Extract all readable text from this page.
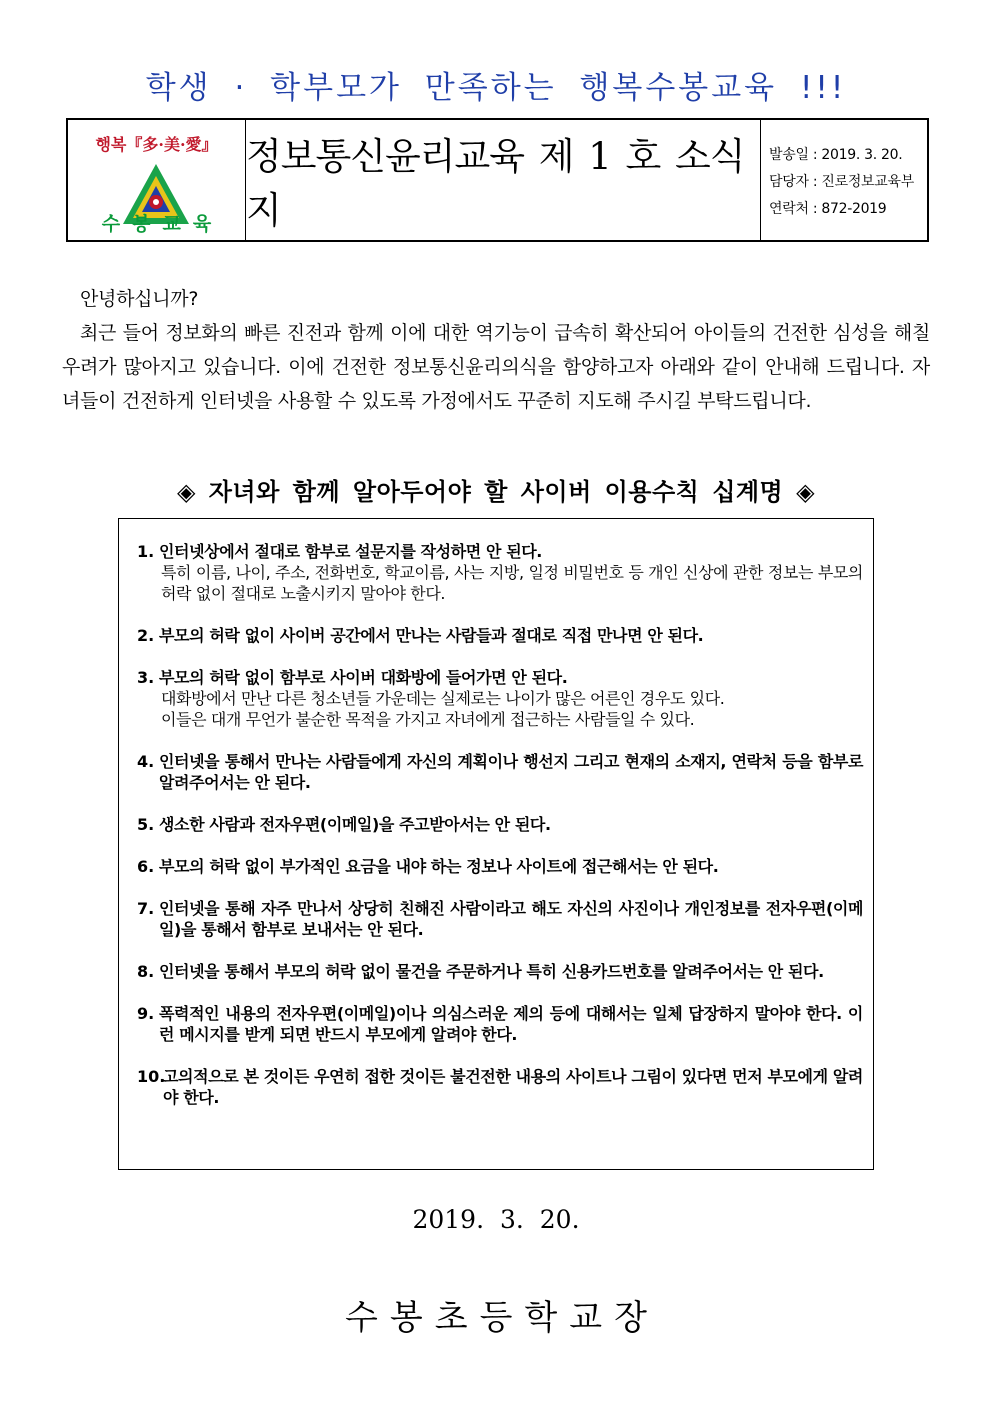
학생 · 학부모가 만족하는 행복수봉교육 !!!
행복『多·美·愛』
수봉교육
정보통신윤리교육 제 1 호 소식지
발송일 : 2019. 3. 20.
담당자 : 진로정보교육부
연락처 : 872-2019

안녕하십니까?

최근 들어 정보화의 빠른 진전과 함께 이에 대한 역기능이 급속히 확산되어 아이들의 건전한 심성을 해칠 우려가 많아지고 있습니다. 이에 건전한 정보통신윤리의식을 함양하고자 아래와 같이 안내해 드립니다. 자녀들이 건전하게 인터넷을 사용할 수 있도록 가정에서도 꾸준히 지도해 주시길 부탁드립니다.

◈ 자녀와 함께 알아두어야 할 사이버 이용수칙 십계명 ◈
1. 인터넷상에서 절대로 함부로 설문지를 작성하면 안 된다.
특히 이름, 나이, 주소, 전화번호, 학교이름, 사는 지방, 일정 비밀번호 등 개인 신상에 관한 정보는 부모의 허락 없이 절대로 노출시키지 말아야 한다.
2. 부모의 허락 없이 사이버 공간에서 만나는 사람들과 절대로 직접 만나면 안 된다.
3. 부모의 허락 없이 함부로 사이버 대화방에 들어가면 안 된다.
대화방에서 만난 다른 청소년들 가운데는 실제로는 나이가 많은 어른인 경우도 있다.
이들은 대개 무언가 불순한 목적을 가지고 자녀에게 접근하는 사람들일 수 있다.
4. 인터넷을 통해서 만나는 사람들에게 자신의 계획이나 행선지 그리고 현재의 소재지, 연락처 등을 함부로 알려주어서는 안 된다.
5. 생소한 사람과 전자우편(이메일)을 주고받아서는 안 된다.
6. 부모의 허락 없이 부가적인 요금을 내야 하는 정보나 사이트에 접근해서는 안 된다.
7. 인터넷을 통해 자주 만나서 상당히 친해진 사람이라고 해도 자신의 사진이나 개인정보를 전자우편(이메일)을 통해서 함부로 보내서는 안 된다.
8. 인터넷을 통해서 부모의 허락 없이 물건을 주문하거나 특히 신용카드번호를 알려주어서는 안 된다.
9. 폭력적인 내용의 전자우편(이메일)이나 의심스러운 제의 등에 대해서는 일체 답장하지 말아야 한다. 이런 메시지를 받게 되면 반드시 부모에게 알려야 한다.
10.
고의적으로 본 것이든 우연히 접한 것이든 불건전한 내용의 사이트나 그림이 있다면 먼저 부모에게 알려야 한다.
2019. 3. 20.
수봉초등학교장
